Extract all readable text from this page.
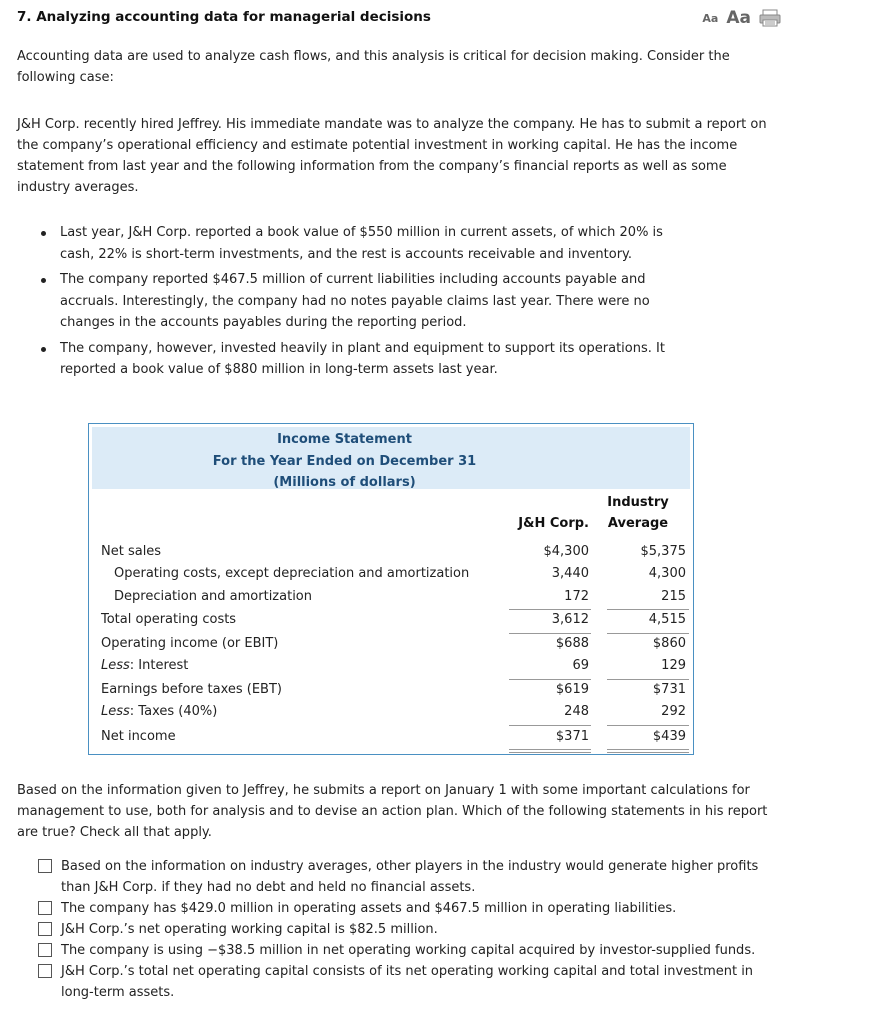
7. Analyzing accounting data for managerial decisions	Aa Aa
Accounting data are used to analyze cash flows, and this analysis is critical for decision making. Consider the following case:
J&H Corp. recently hired Jeffrey. His immediate mandate was to analyze the company. He has to submit a report on the company’s operational efficiency and estimate potential investment in working capital. He has the income statement from last year and the following information from the company’s financial reports as well as some industry averages.
Last year, J&H Corp. reported a book value of $550 million in current assets, of which 20% is cash, 22% is short-term investments, and the rest is accounts receivable and inventory.
The company reported $467.5 million of current liabilities including accounts payable and accruals. Interestingly, the company had no notes payable claims last year. There were no changes in the accounts payables during the reporting period.
The company, however, invested heavily in plant and equipment to support its operations. It reported a book value of $880 million in long-term assets last year.
Income Statement
For the Year Ended on December 31
(Millions of dollars)
J&H Corp.
Industry
Average
Net sales	$4,300	$5,375
Operating costs, except depreciation and amortization	3,440	4,300
Depreciation and amortization	172	215
Total operating costs	3,612	4,515
Operating income (or EBIT)	$688	$860
Less: Interest	69	129
Earnings before taxes (EBT)	$619	$731
Less: Taxes (40%)	248	292
Net income	$371	$439
Based on the information given to Jeffrey, he submits a report on January 1 with some important calculations for management to use, both for analysis and to devise an action plan. Which of the following statements in his report are true? Check all that apply.
Based on the information on industry averages, other players in the industry would generate higher profits than J&H Corp. if they had no debt and held no financial assets.
The company has $429.0 million in operating assets and $467.5 million in operating liabilities.
J&H Corp.’s net operating working capital is $82.5 million.
The company is using −$38.5 million in net operating working capital acquired by investor-supplied funds.
J&H Corp.’s total net operating capital consists of its net operating working capital and total investment in long-term assets.
